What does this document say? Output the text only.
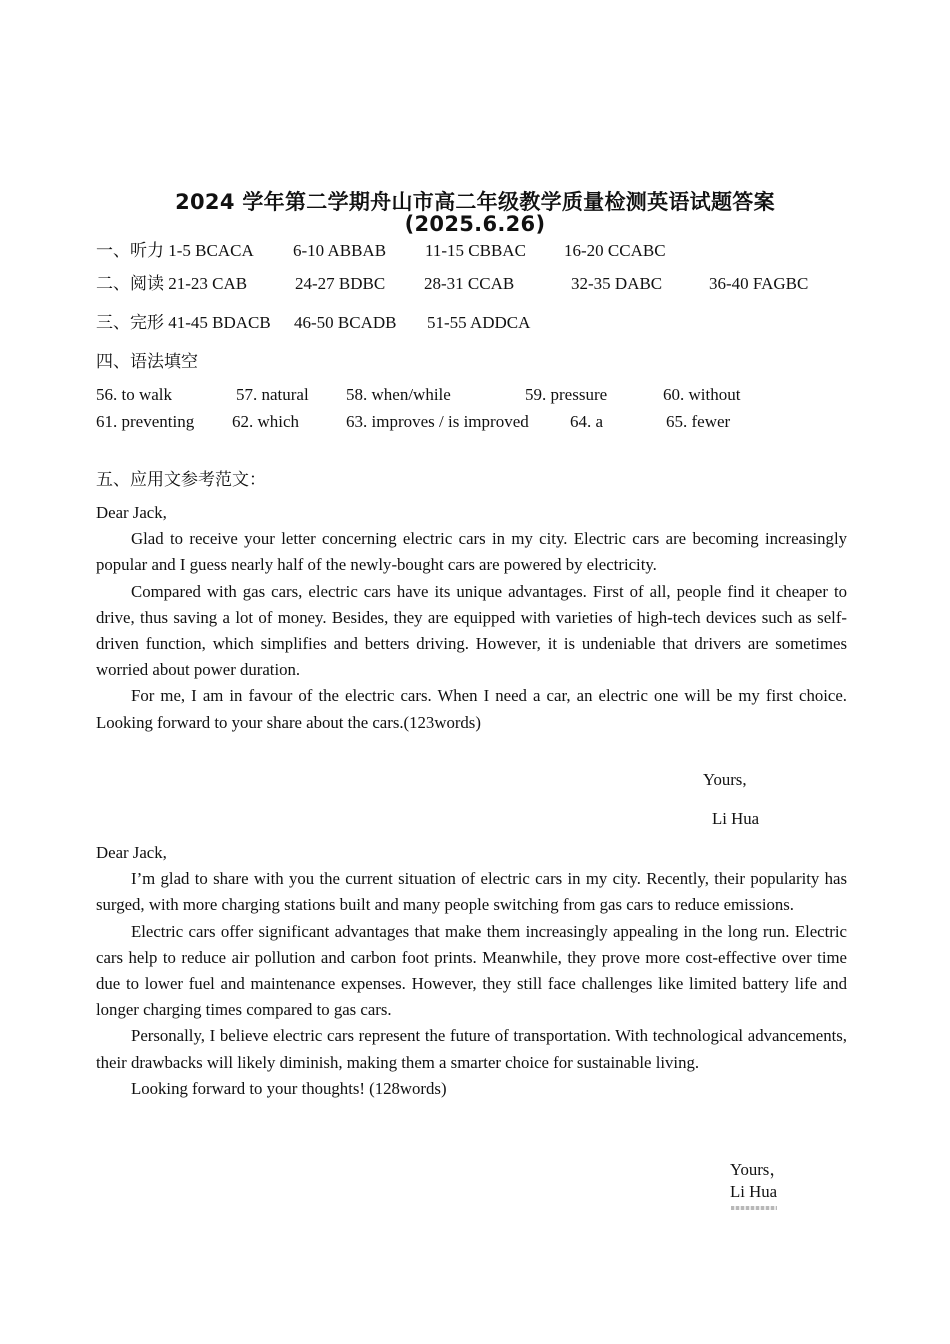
2024 学年第二学期舟山市高二年级教学质量检测英语试题答案
(2025.6.26)
一、听力 1-5 BCACA 6-10 ABBAB 11-15 CBBAC 16-20 CCABC
二、阅读 21-23 CAB	24-27 BDBC 28-31 CCAB	32-35 DABC	36-40 FAGBC
三、完形 41-45 BDACB 46-50 BCADB 51-55 ADDCA
四、语法填空
56. to walk	57. natural 58. when/while	59. pressure	60. without
61. preventing 62. which	63. improves / is improved 64. a	65. fewer
五、应用文参考范文：

Dear Jack,

Glad to receive your letter concerning electric cars in my city. Electric cars are becoming increasingly popular and I guess nearly half of the newly-bought cars are powered by electricity.

Compared with gas cars, electric cars have its unique advantages. First of all, people find it cheaper to drive, thus saving a lot of money. Besides, they are equipped with varieties of high-tech devices such as self-driven function, which simplifies and betters driving. However, it is undeniable that drivers are sometimes worried about power duration.

For me, I am in favour of the electric cars. When I need a car, an electric one will be my first choice. Looking forward to your share about the cars.(123words)

Yours,
Li Hua

Dear Jack,

I’m glad to share with you the current situation of electric cars in my city. Recently, their popularity has surged, with more charging stations built and many people switching from gas cars to reduce emissions.

Electric cars offer significant advantages that make them increasingly appealing in the long run. Electric cars help to reduce air pollution and carbon foot prints. Meanwhile, they prove more cost-effective over time due to lower fuel and maintenance expenses. However, they still face challenges like limited battery life and longer charging times compared to gas cars.

Personally, I believe electric cars represent the future of transportation. With technological advancements, their drawbacks will likely diminish, making them a smarter choice for sustainable living.

Looking forward to your thoughts! (128words)

Yours，
Li Hua
